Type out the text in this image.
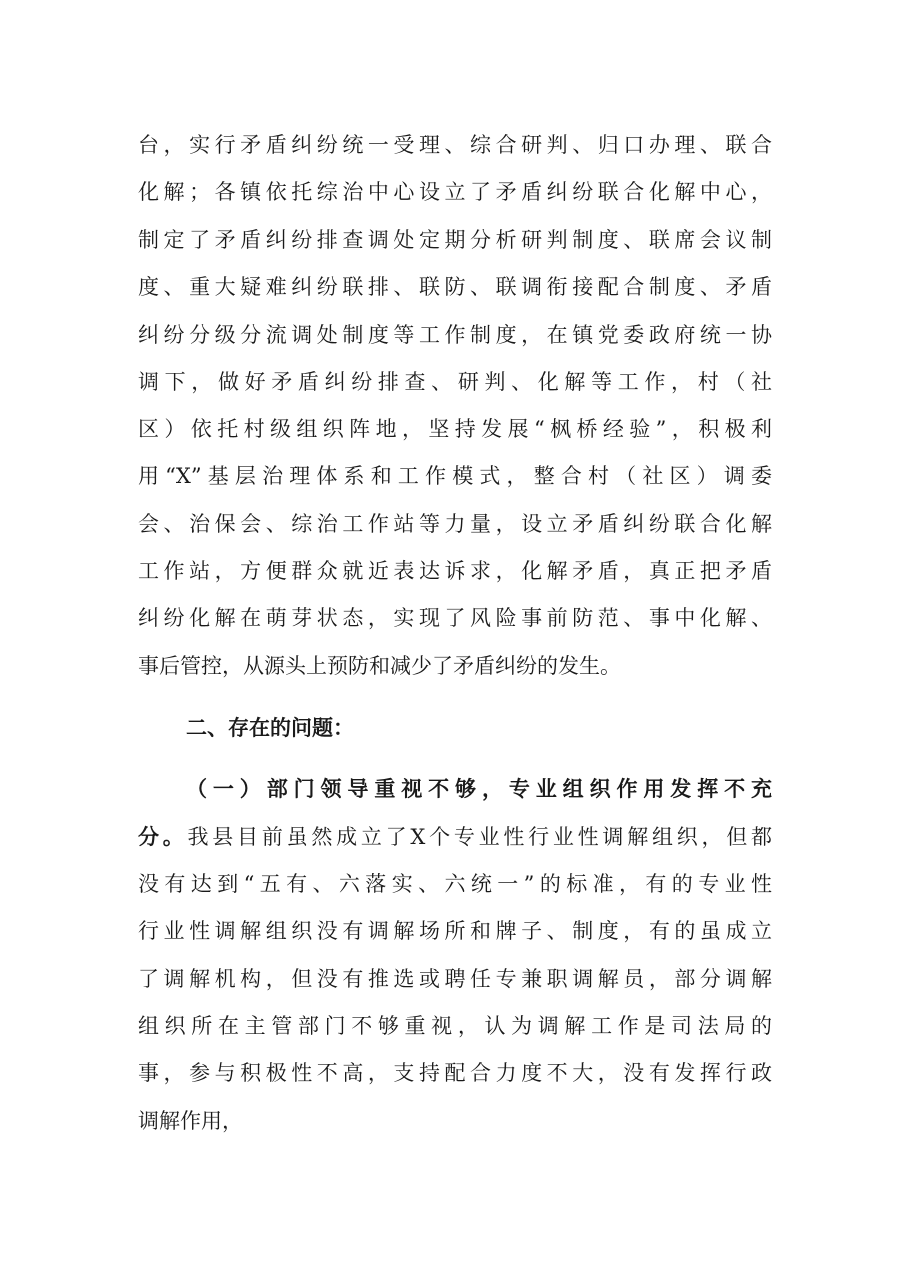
台，实行矛盾纠纷统一受理、综合研判、归口办理、联合
化解；各镇依托综治中心设立了矛盾纠纷联合化解中心，
制定了矛盾纠纷排查调处定期分析研判制度、联席会议制
度、重大疑难纠纷联排、联防、联调衔接配合制度、矛盾
纠纷分级分流调处制度等工作制度，在镇党委政府统一协
调下，做好矛盾纠纷排查、研判、化解等工作，村（社
区）依托村级组织阵地，坚持发展“枫桥经验”，积极利
用“X”基层治理体系和工作模式，整合村（社区）调委
会、治保会、综治工作站等力量，设立矛盾纠纷联合化解
工作站，方便群众就近表达诉求，化解矛盾，真正把矛盾
纠纷化解在萌芽状态，实现了风险事前防范、事中化解、
事后管控，从源头上预防和减少了矛盾纠纷的发生。
二、存在的问题：
（一）部门领导重视不够，专业组织作用发挥不充
分。我县目前虽然成立了X个专业性行业性调解组织，但都
没有达到“五有、六落实、六统一”的标准，有的专业性
行业性调解组织没有调解场所和牌子、制度，有的虽成立
了调解机构，但没有推选或聘任专兼职调解员，部分调解
组织所在主管部门不够重视，认为调解工作是司法局的
事，参与积极性不高，支持配合力度不大，没有发挥行政
调解作用，
